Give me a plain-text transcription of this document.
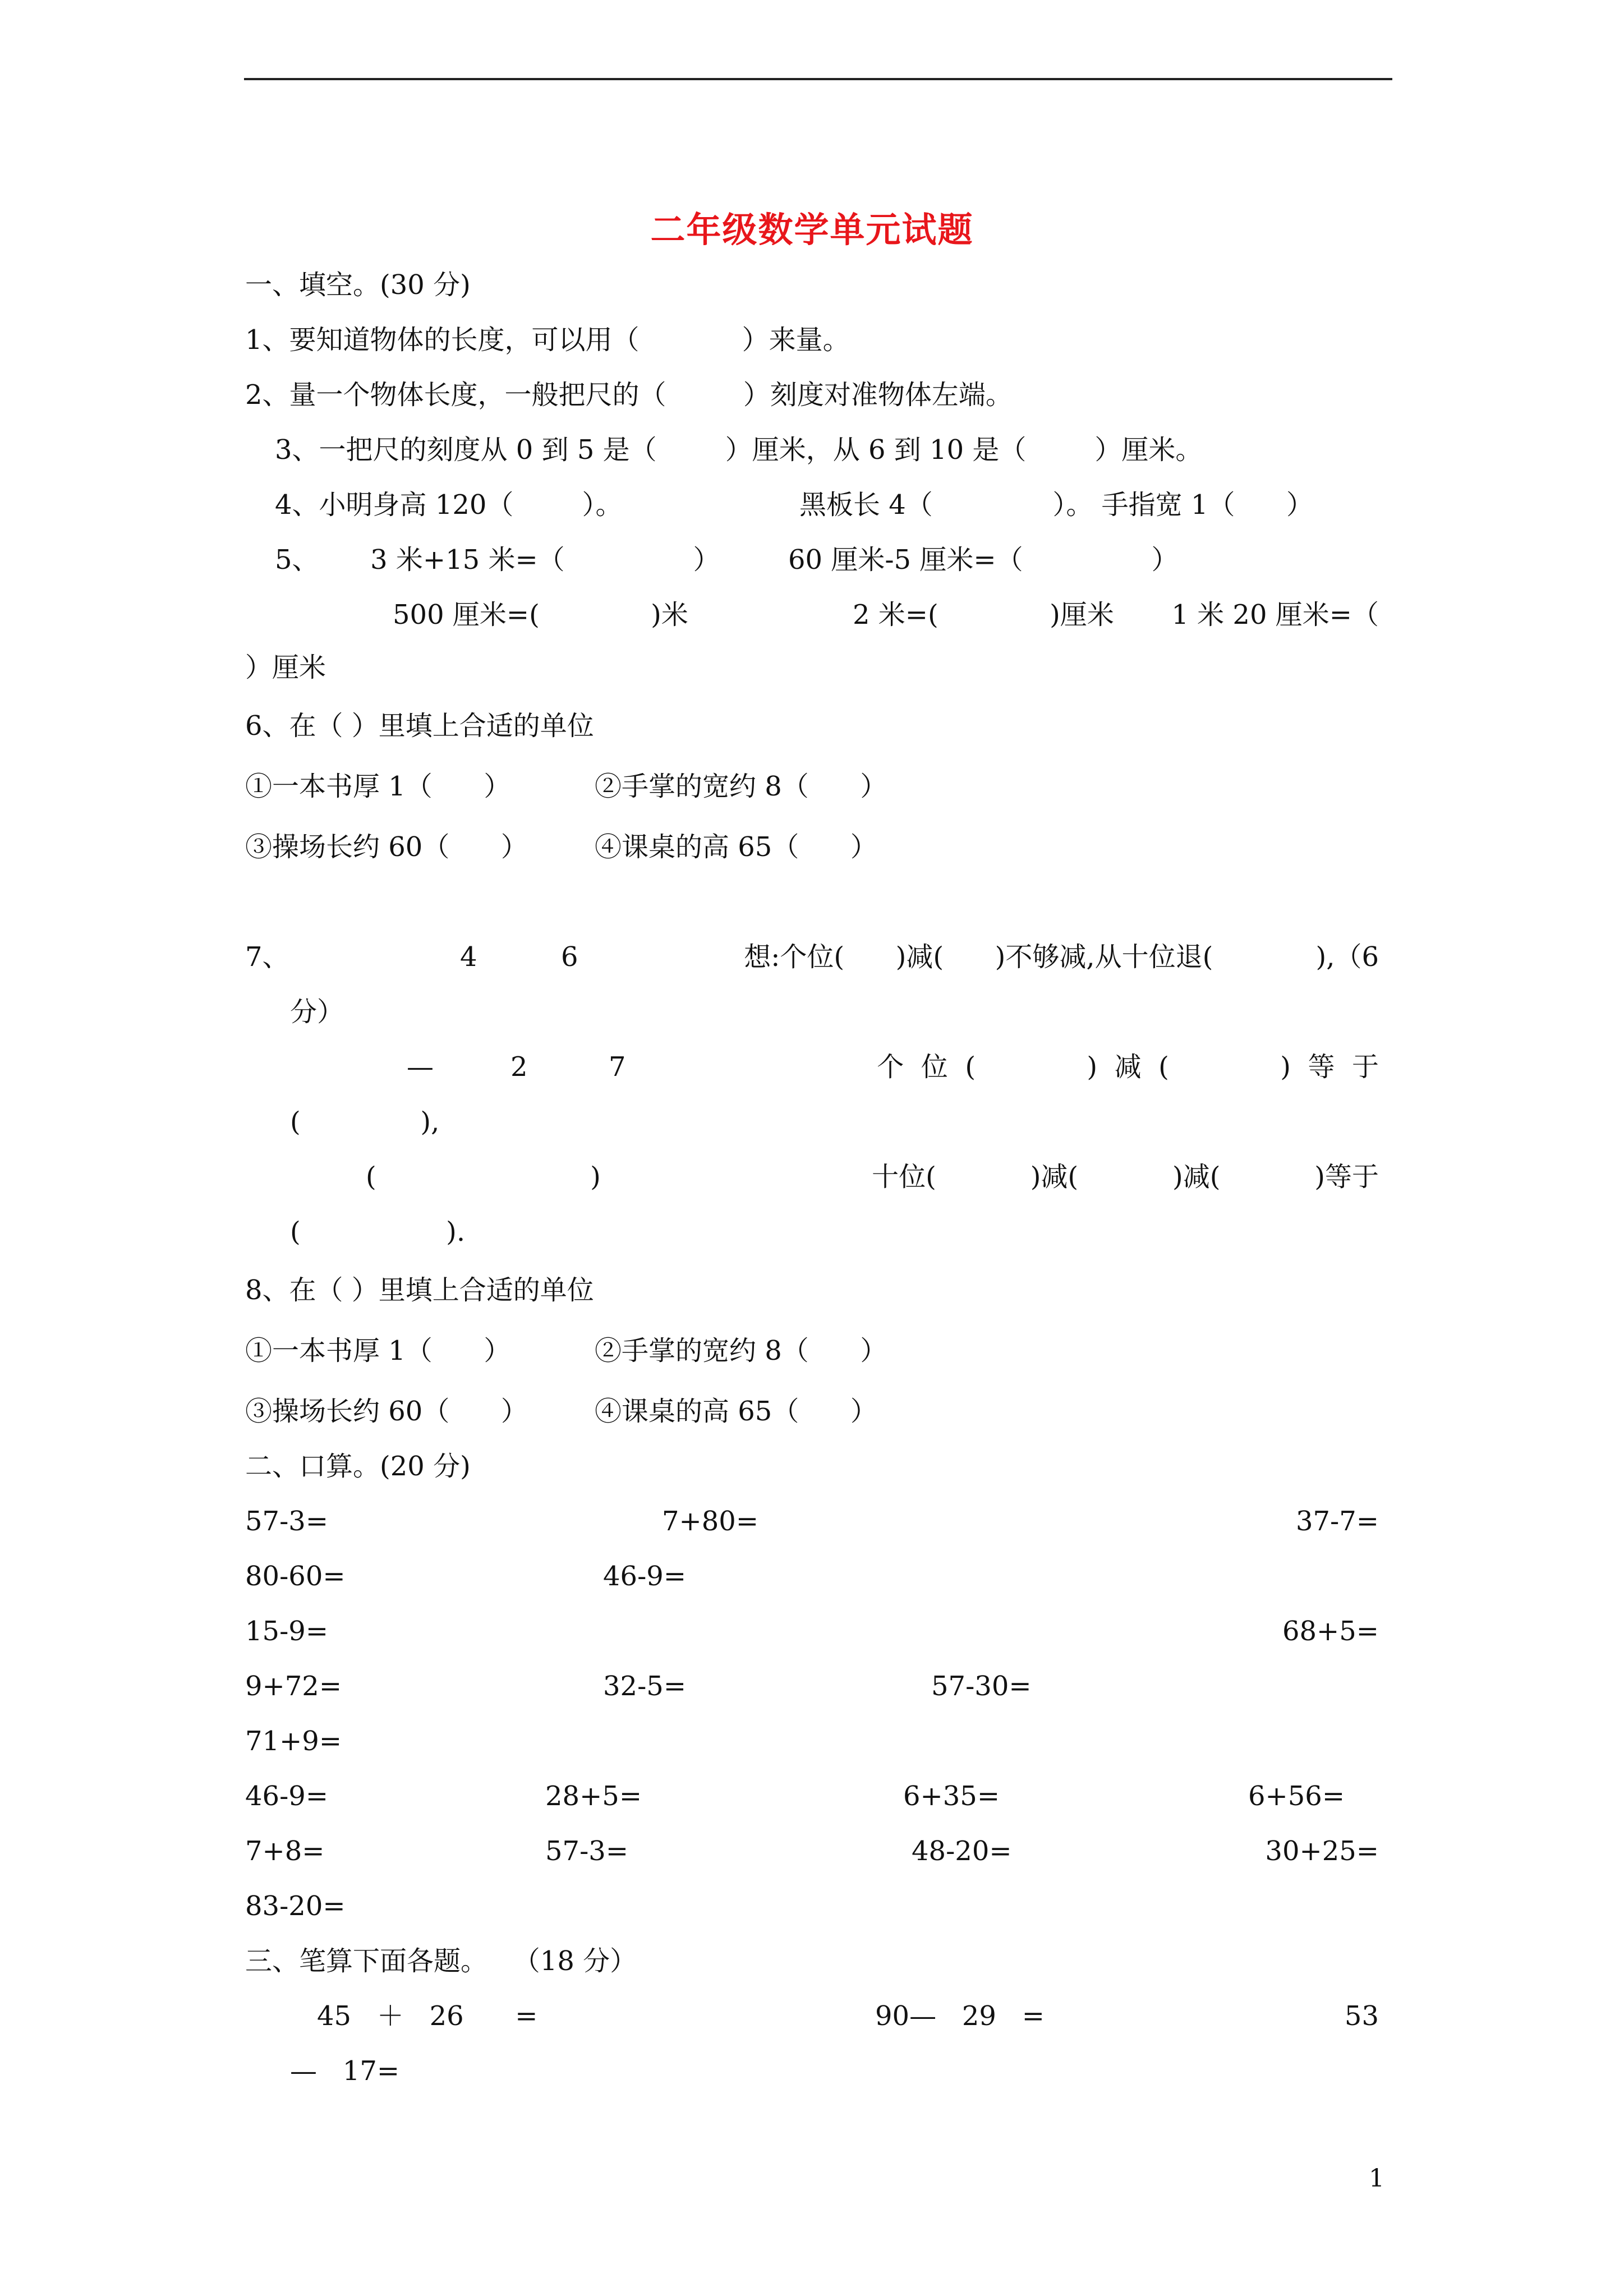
二年级数学单元试题
一、填空。(30 分)
1、要知道物体的长度，可以用（            ）来量。
2、量一个物体长度，一般把尺的（         ）刻度对准物体左端。
3、一把尺的刻度从 0 到 5 是（        ）厘米，从 6 到 10 是（        ）厘米。
4、小明身高 120（        ）。	黑板长 4（              ）。 手指宽 1（      ）
5、      3 米+15 米=（               ）	60 厘米-5 厘米=（               ）
500 厘米=(             )米	2 米=(             )厘米 1 米 20 厘米=（
）厘米
6、在（ ）里填上合适的单位
①一本书厚 1（      ）	②手掌的宽约 8（      ）
③操场长约 60（      ） ④课桌的高 65（      ）
7、	4	6	想:个位(      )减(      )不够减,从十位退(            ),（6
分）
—	2	7	个  位  (             )  减  (             )  等  于
(              ),
(                         )	十位(           )减(           )减(           )等于
(                 ).
8、在（ ）里填上合适的单位
①一本书厚 1（      ）	②手掌的宽约 8（      ）
③操场长约 60（      ） ④课桌的高 65（      ）
二、口算。(20 分)
57-3=	7+80=	37-7=
80-60=	46-9=
15-9=	68+5=
9+72=	32-5=	57-30=
71+9=
46-9=	28+5=	6+35=	6+56=
7+8=	57-3=	48-20=	30+25=
83-20=
三、笔算下面各题。   （18 分）
45   ＋   26      =	90—   29   =	53
—   17=
1
